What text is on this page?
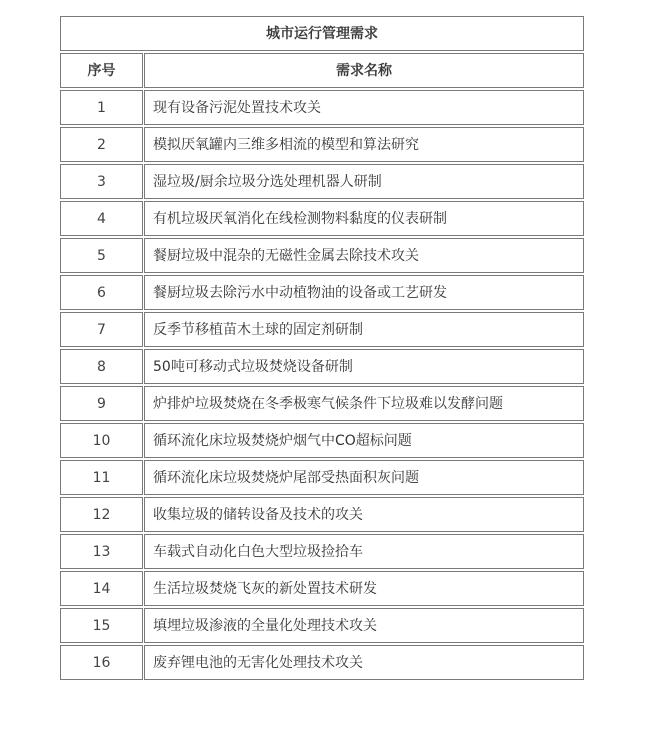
城市运行管理需求	
序号	需求名称
1	现有设备污泥处置技术攻关
2	模拟厌氧罐内三维多相流的模型和算法研究
3	湿垃圾/厨余垃圾分选处理机器人研制
4	有机垃圾厌氧消化在线检测物料黏度的仪表研制
5	餐厨垃圾中混杂的无磁性金属去除技术攻关
6	餐厨垃圾去除污水中动植物油的设备或工艺研发
7	反季节移植苗木土球的固定剂研制
8	50吨可移动式垃圾焚烧设备研制
9	炉排炉垃圾焚烧在冬季极寒气候条件下垃圾难以发酵问题
10	循环流化床垃圾焚烧炉烟气中CO超标问题
11	循环流化床垃圾焚烧炉尾部受热面积灰问题
12	收集垃圾的储转设备及技术的攻关
13	车载式自动化白色大型垃圾捡拾车
14	生活垃圾焚烧飞灰的新处置技术研发
15	填埋垃圾渗液的全量化处理技术攻关
16	废弃锂电池的无害化处理技术攻关
